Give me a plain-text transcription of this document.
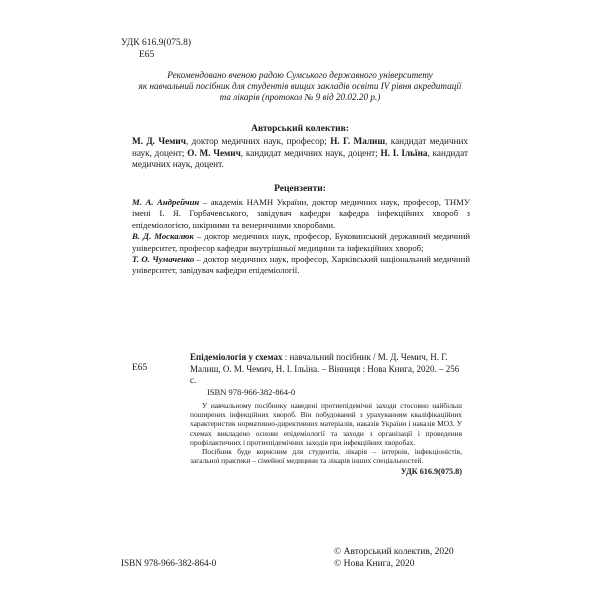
УДК 616.9(075.8)
Е65
Рекомендовано вченою радою Сумського державного університету
як навчальний посібник для студентів вищих закладів освіти IV рівня акредитації
та лікарів (протокол № 9 від 20.02.20 р.)
Авторський колектив:
М. Д. Чемич, доктор медичних наук, професор; Н. Г. Малиш, кандидат медичних наук, доцент; О. М. Чемич, кандидат медичних наук, доцент; Н. І. Ільїна, кандидат медичних наук, доцент.
Рецензенти:
М. А. Андрейчин – академік НАМН України, доктор медичних наук, професор, ТНМУ імені І. Я. Горбачевського, завідувач кафедри кафедра інфекційних хвороб з епідеміологією, шкірними та венеричними хворобами.
В. Д. Москалюк – доктор медичних наук, професор, Буковинський державний медичний університет, професор кафедри внутрішньої медицини та інфекційних хвороб;
Т. О. Чумаченко – доктор медичних наук, професор, Харківський національний медичний університет, завідувач кафедри епідеміології.
Е65
Епідеміологія у схемах : навчальний посібник / М. Д. Чемич, Н. Г. Малиш, О. М. Чемич, Н. І. Ільїна. – Вінниця : Нова Книга, 2020. – 256 с.
ISBN 978-966-382-864-0

У навчальному посібнику наведені протиепідемічні заходи стосовно найбільш поширених інфекційних хвороб. Він побудований з урахуванням кваліфікаційних характеристик нормативно-директивних матеріалів, наказів України і наказів МОЗ. У схемах викладено основи епідеміології та заходи з організації і проведення профілактичних і протиепідемічних заходів при інфекційних хворобах.

Посібник буде корисним для студентів, лікарів – інтернів, інфекціоністів, загальної практики – сімейної медицини та лікарів інших спеціальностей.

УДК 616.9(075.8)
ISBN 978-966-382-864-0
© Авторський колектив, 2020
© Нова Книга, 2020
